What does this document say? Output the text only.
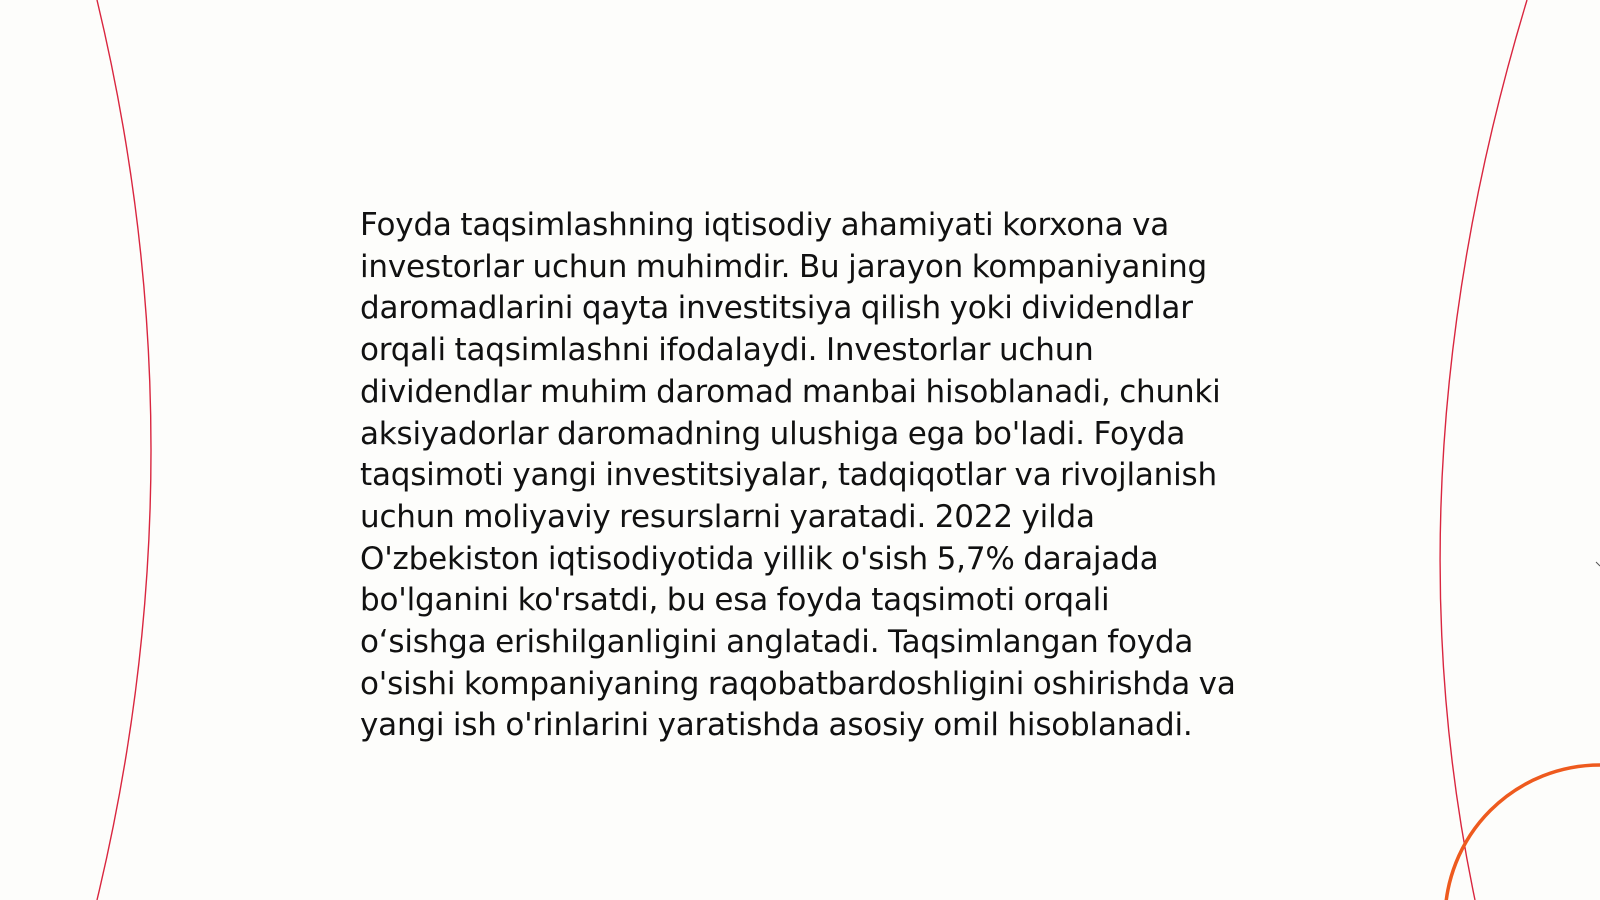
Foyda taqsimlashning iqtisodiy ahamiyati korxona va investorlar uchun muhimdir. Bu jarayon kompaniyaning daromadlarini qayta investitsiya qilish yoki dividendlar orqali taqsimlashni ifodalaydi. Investorlar uchun dividendlar muhim daromad manbai hisoblanadi, chunki aksiyadorlar daromadning ulushiga ega bo'ladi. Foyda taqsimoti yangi investitsiyalar, tadqiqotlar va rivojlanish uchun moliyaviy resurslarni yaratadi. 2022 yilda O'zbekiston iqtisodiyotida yillik o'sish 5,7% darajada bo'lganini ko'rsatdi, bu esa foyda taqsimoti orqali o‘sishga erishilganligini anglatadi. Taqsimlangan foyda o'sishi kompaniyaning raqobatbardoshligini oshirishda va yangi ish o'rinlarini yaratishda asosiy omil hisoblanadi.
